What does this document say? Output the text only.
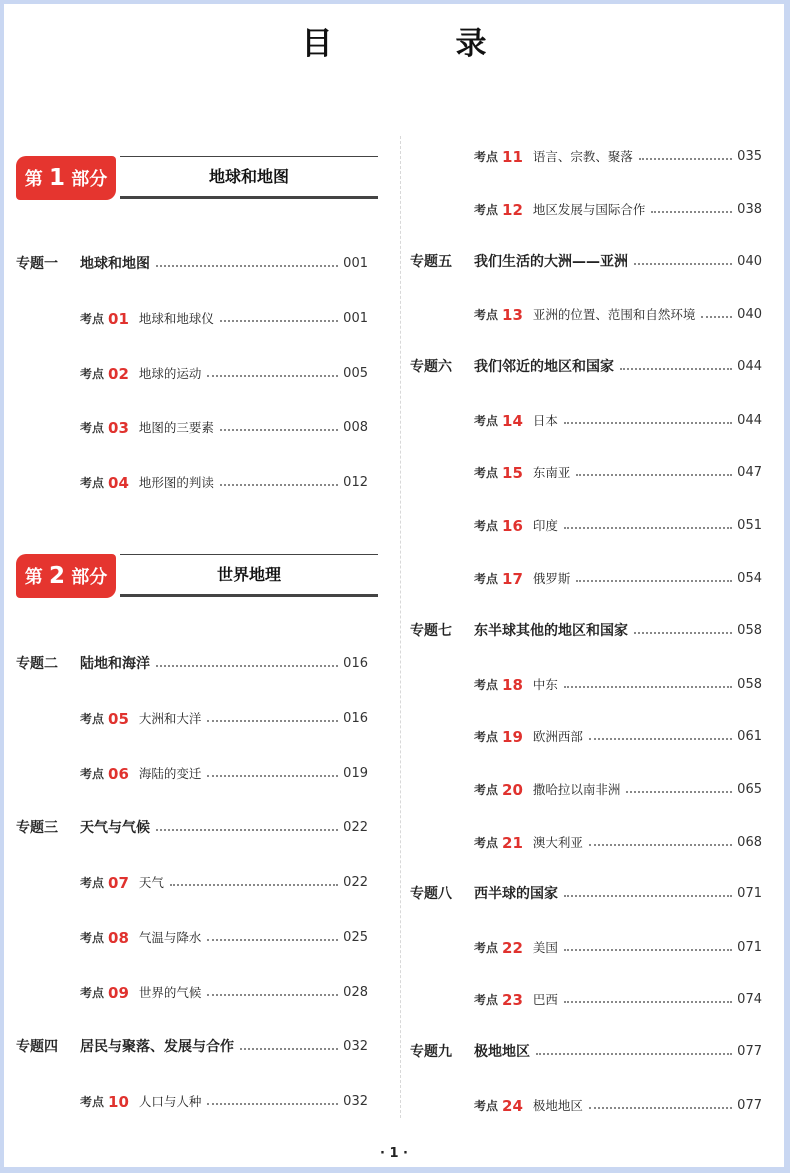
目　录
第 1 部分	地球和地图
第 2 部分	世界地理
专题一	地球和地图	001
考点 01 地球和地球仪	001
考点 02 地球的运动	005
考点 03 地图的三要素	008
考点 04 地形图的判读	012
专题二	陆地和海洋	016
考点 05 大洲和大洋	016
考点 06 海陆的变迁	019
专题三	天气与气候	022
考点 07 天气	022
考点 08 气温与降水	025
考点 09 世界的气候	028
专题四	居民与聚落、发展与合作	032
考点 10 人口与人种	032
考点 11 语言、宗教、聚落	035
考点 12 地区发展与国际合作	038
专题五	我们生活的大洲——亚洲	040
考点 13 亚洲的位置、范围和自然环境	040
专题六	我们邻近的地区和国家	044
考点 14 日本	044
考点 15 东南亚	047
考点 16 印度	051
考点 17 俄罗斯	054
专题七	东半球其他的地区和国家	058
考点 18 中东	058
考点 19 欧洲西部	061
考点 20 撒哈拉以南非洲	065
考点 21 澳大利亚	068
专题八	西半球的国家	071
考点 22 美国	071
考点 23 巴西	074
专题九	极地地区	077
考点 24 极地地区	077
· 1 ·
